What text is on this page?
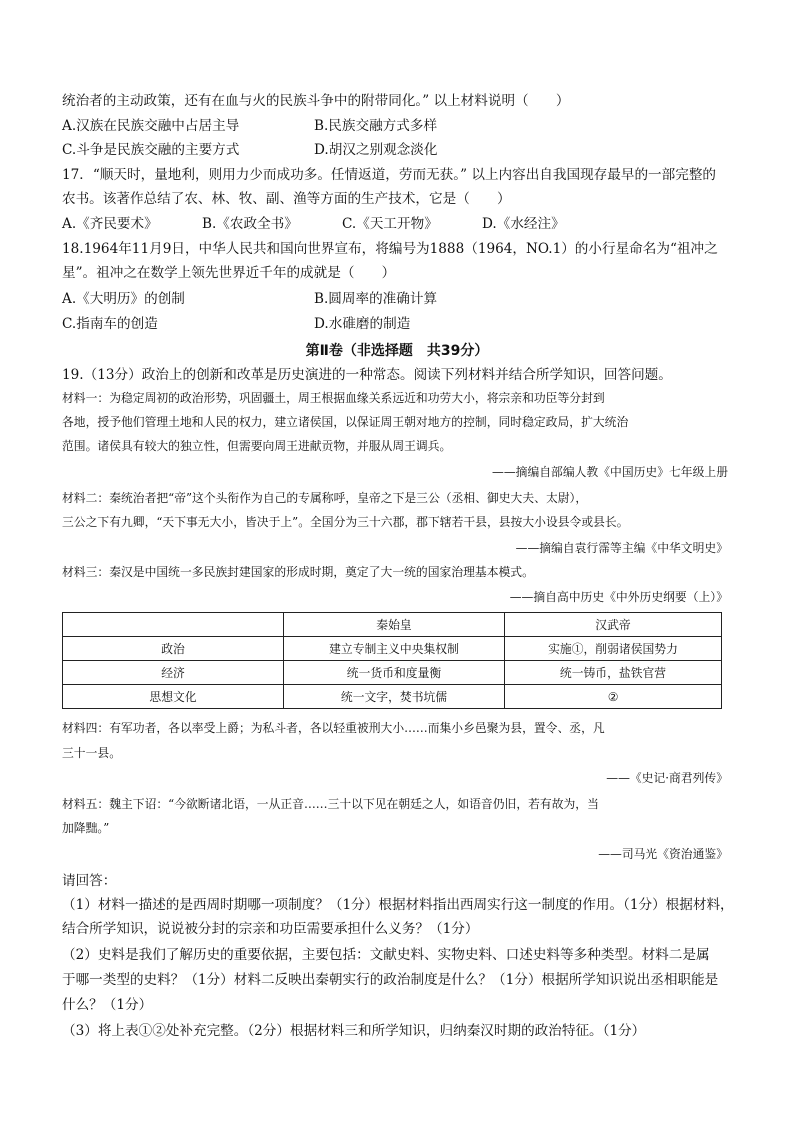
统治者的主动政策，还有在血与火的民族斗争中的附带同化。” 以上材料说明（　　）
A.汉族在民族交融中占居主导	B.民族交融方式多样
C.斗争是民族交融的主要方式	D.胡汉之别观念淡化
17．“顺天时，量地利，则用力少而成功多。任情返道，劳而无获。” 以上内容出自我国现存最早的一部完整的
农书。该著作总结了农、林、牧、副、渔等方面的生产技术，它是（　　）
A.《齐民要术》	B.《农政全书》	C.《天工开物》	D.《水经注》
18.1964年11月9日，中华人民共和国向世界宣布，将编号为1888（1964，NO.1）的小行星命名为“祖冲之
星”。祖冲之在数学上领先世界近千年的成就是（　　）
A.《大明历》的创制	B.圆周率的准确计算
C.指南车的创造	D.水碓磨的制造
第Ⅱ卷（非选择题　共39分）
19.（13分）政治上的创新和改革是历史演进的一种常态。阅读下列材料并结合所学知识，回答问题。
材料一：为稳定周初的政治形势，巩固疆土，周王根据血缘关系远近和功劳大小，将宗亲和功臣等分封到
各地，授予他们管理土地和人民的权力，建立诸侯国，以保证周王朝对地方的控制，同时稳定政局，扩大统治
范围。诸侯具有较大的独立性，但需要向周王进献贡物，并服从周王调兵。
——摘编自部编人教《中国历史》七年级上册
材料二：秦统治者把“帝”这个头衔作为自己的专属称呼，皇帝之下是三公（丞相、御史大夫、太尉），
三公之下有九卿，“天下事无大小，皆决于上”。全国分为三十六郡，郡下辖若干县，县按大小设县令或县长。
——摘编自袁行霈等主编《中华文明史》
材料三：秦汉是中国统一多民族封建国家的形成时期，奠定了大一统的国家治理基本模式。
——摘自高中历史《中外历史纲要（上）》
	秦始皇	汉武帝
政治	建立专制主义中央集权制	实施①，削弱诸侯国势力
经济	统一货币和度量衡	统一铸币，盐铁官营
思想文化	统一文字，焚书坑儒	②
材料四：有军功者，各以率受上爵；为私斗者，各以轻重被刑大小……而集小乡邑聚为县，置令、丞，凡
三十一县。
——《史记·商君列传》
材料五：魏主下诏：“今欲断诸北语，一从正音……三十以下见在朝廷之人，如语音仍旧，若有故为，当
加降黜。”
——司马光《资治通鉴》
请回答：
（1）材料一描述的是西周时期哪一项制度？（1分）根据材料指出西周实行这一制度的作用。（1分）根据材料，
结合所学知识，说说被分封的宗亲和功臣需要承担什么义务？（1分）
（2）史料是我们了解历史的重要依据，主要包括：文献史料、实物史料、口述史料等多种类型。材料二是属
于哪一类型的史料？（1分）材料二反映出秦朝实行的政治制度是什么？（1分）根据所学知识说出丞相职能是
什么？（1分）
（3）将上表①②处补充完整。（2分）根据材料三和所学知识，归纳秦汉时期的政治特征。（1分）
